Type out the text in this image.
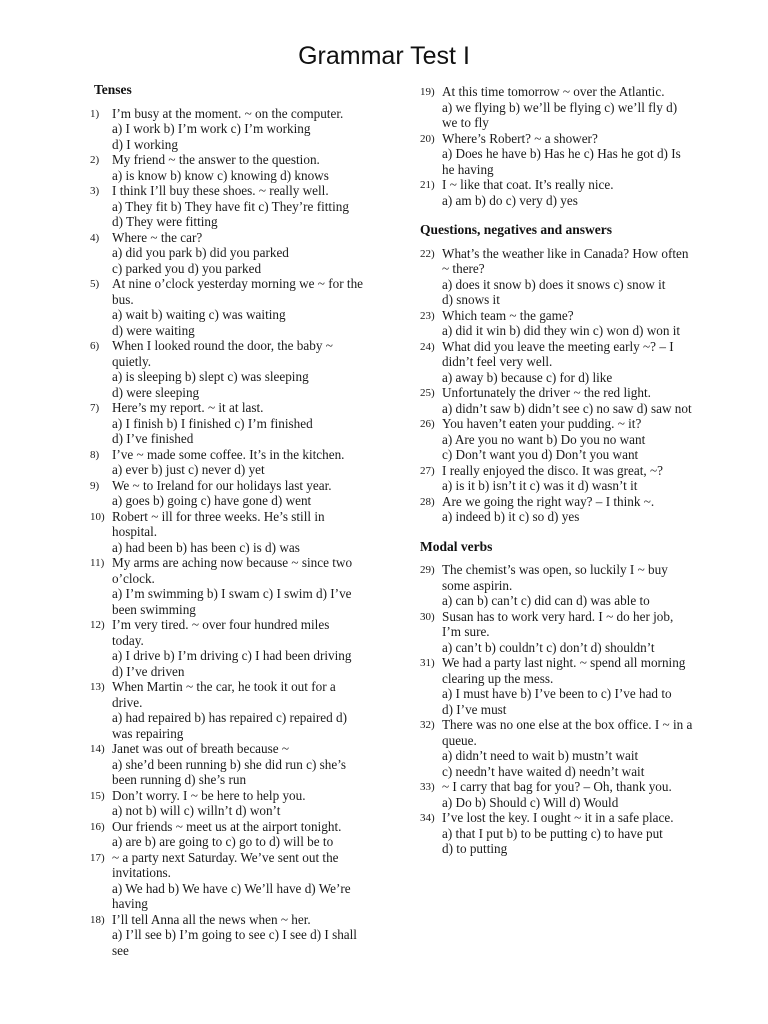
Grammar Test I
Tenses
1) I’m busy at the moment. ~ on the computer.
a) I work b) I’m work c) I’m working
d) I working
2) My friend ~ the answer to the question.
a) is know b) know c) knowing d) knows
3) I think I’ll buy these shoes. ~ really well.
a) They fit b) They have fit c) They’re fitting
d) They were fitting
4) Where ~ the car?
a) did you park b) did you parked
c) parked you d) you parked
5) At nine o’clock yesterday morning we ~ for the
bus.
a) wait b) waiting c) was waiting
d) were waiting
6) When I looked round the door, the baby ~
quietly.
a) is sleeping b) slept c) was sleeping
d) were sleeping
7) Here’s my report. ~ it at last.
a) I finish b) I finished c) I’m finished
d) I’ve finished
8) I’ve ~ made some coffee. It’s in the kitchen.
a) ever b) just c) never d) yet
9) We ~ to Ireland for our holidays last year.
a) goes b) going c) have gone d) went
10) Robert ~ ill for three weeks. He’s still in
hospital.
a) had been b) has been c) is d) was
11) My arms are aching now because ~ since two
o’clock.
a) I’m swimming b) I swam c) I swim d) I’ve
been swimming
12) I’m very tired. ~ over four hundred miles
today.
a) I drive b) I’m driving c) I had been driving
d) I’ve driven
13) When Martin ~ the car, he took it out for a
drive.
a) had repaired b) has repaired c) repaired d)
was repairing
14) Janet was out of breath because ~
a) she’d been running b) she did run c) she’s
been running d) she’s run
15) Don’t worry. I ~ be here to help you.
a) not b) will c) willn’t d) won’t
16) Our friends ~ meet us at the airport tonight.
a) are b) are going to c) go to d) will be to
17) ~ a party next Saturday. We’ve sent out the
invitations.
a) We had b) We have c) We’ll have d) We’re
having
18) I’ll tell Anna all the news when ~ her.
a) I’ll see b) I’m going to see c) I see d) I shall
see
19) At this time tomorrow ~ over the Atlantic.
a) we flying b) we’ll be flying c) we’ll fly d)
we to fly
20) Where’s Robert? ~ a shower?
a) Does he have b) Has he c) Has he got d) Is
he having
21) I ~ like that coat. It’s really nice.
a) am b) do c) very d) yes
Questions, negatives and answers
22) What’s the weather like in Canada? How often
~ there?
a) does it snow b) does it snows c) snow it
d) snows it
23) Which team ~ the game?
a) did it win b) did they win c) won d) won it
24) What did you leave the meeting early ~? – I
didn’t feel very well.
a) away b) because c) for d) like
25) Unfortunately the driver ~ the red light.
a) didn’t saw b) didn’t see c) no saw d) saw not
26) You haven’t eaten your pudding. ~ it?
a) Are you no want b) Do you no want
c) Don’t want you d) Don’t you want
27) I really enjoyed the disco. It was great, ~?
a) is it b) isn’t it c) was it d) wasn’t it
28) Are we going the right way? – I think ~.
a) indeed b) it c) so d) yes
Modal verbs
29) The chemist’s was open, so luckily I ~ buy
some aspirin.
a) can b) can’t c) did can d) was able to
30) Susan has to work very hard. I ~ do her job,
I’m sure.
a) can’t b) couldn’t c) don’t d) shouldn’t
31) We had a party last night. ~ spend all morning
clearing up the mess.
a) I must have b) I’ve been to c) I’ve had to
d) I’ve must
32) There was no one else at the box office. I ~ in a
queue.
a) didn’t need to wait b) mustn’t wait
c) needn’t have waited d) needn’t wait
33) ~ I carry that bag for you? – Oh, thank you.
a) Do b) Should c) Will d) Would
34) I’ve lost the key. I ought ~ it in a safe place.
a) that I put b) to be putting c) to have put
d) to putting
